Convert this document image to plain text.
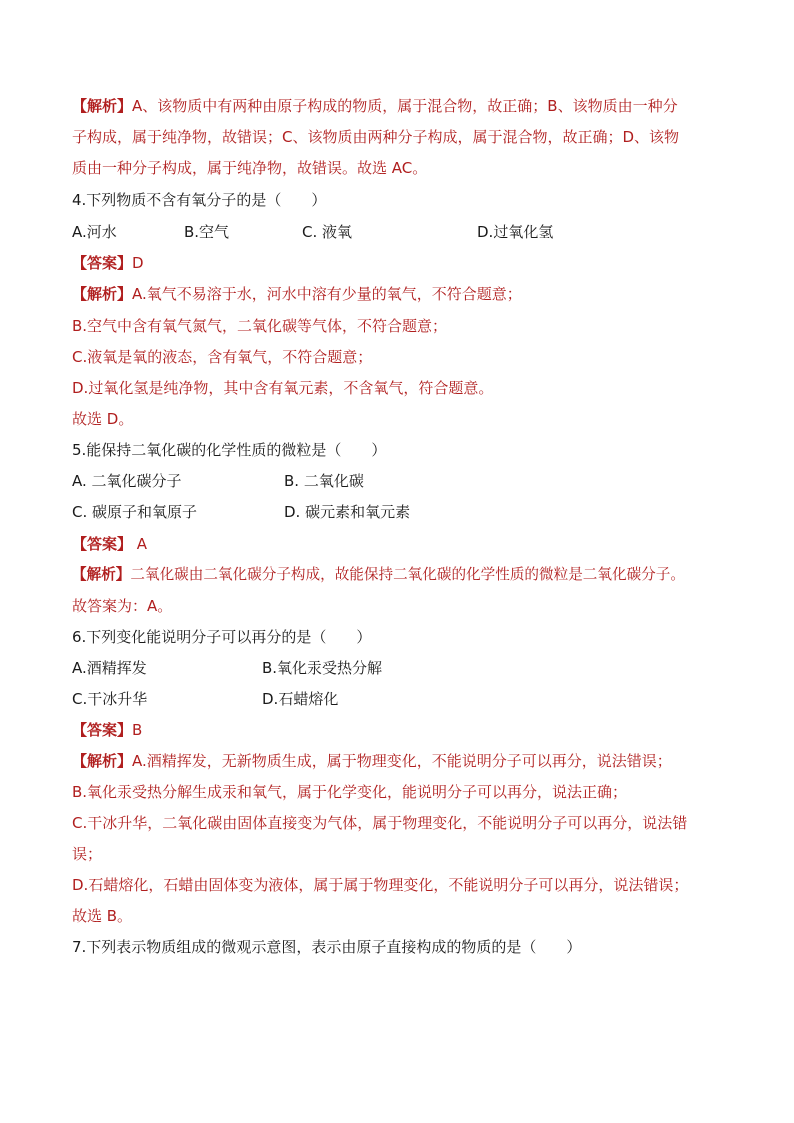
【解析】A、该物质中有两种由原子构成的物质，属于混合物，故正确；B、该物质由一种分
子构成，属于纯净物，故错误；C、该物质由两种分子构成，属于混合物，故正确；D、该物
质由一种分子构成，属于纯净物，故错误。故选 AC。
4.下列物质不含有氧分子的是（　　）
A.河水	B.空气	C. 液氧	D.过氧化氢
【答案】D
【解析】A.氧气不易溶于水，河水中溶有少量的氧气，不符合题意；
B.空气中含有氧气氮气，二氧化碳等气体，不符合题意；
C.液氧是氧的液态，含有氧气，不符合题意；
D.过氧化氢是纯净物，其中含有氧元素，不含氧气，符合题意。
故选 D。
5.能保持二氧化碳的化学性质的微粒是（　　）
A. 二氧化碳分子	B. 二氧化碳
C. 碳原子和氧原子	D. 碳元素和氧元素
【答案】 A
【解析】二氧化碳由二氧化碳分子构成，故能保持二氧化碳的化学性质的微粒是二氧化碳分子。
故答案为：A。
6.下列变化能说明分子可以再分的是（　　）
A.酒精挥发	B.氧化汞受热分解
C.干冰升华	D.石蜡熔化
【答案】B
【解析】A.酒精挥发，无新物质生成，属于物理变化，不能说明分子可以再分，说法错误；
B.氧化汞受热分解生成汞和氧气，属于化学变化，能说明分子可以再分，说法正确；
C.干冰升华，二氧化碳由固体直接变为气体，属于物理变化，不能说明分子可以再分，说法错
误；
D.石蜡熔化，石蜡由固体变为液体，属于属于物理变化，不能说明分子可以再分，说法错误；
故选 B。
7.下列表示物质组成的微观示意图，表示由原子直接构成的物质的是（　　）
